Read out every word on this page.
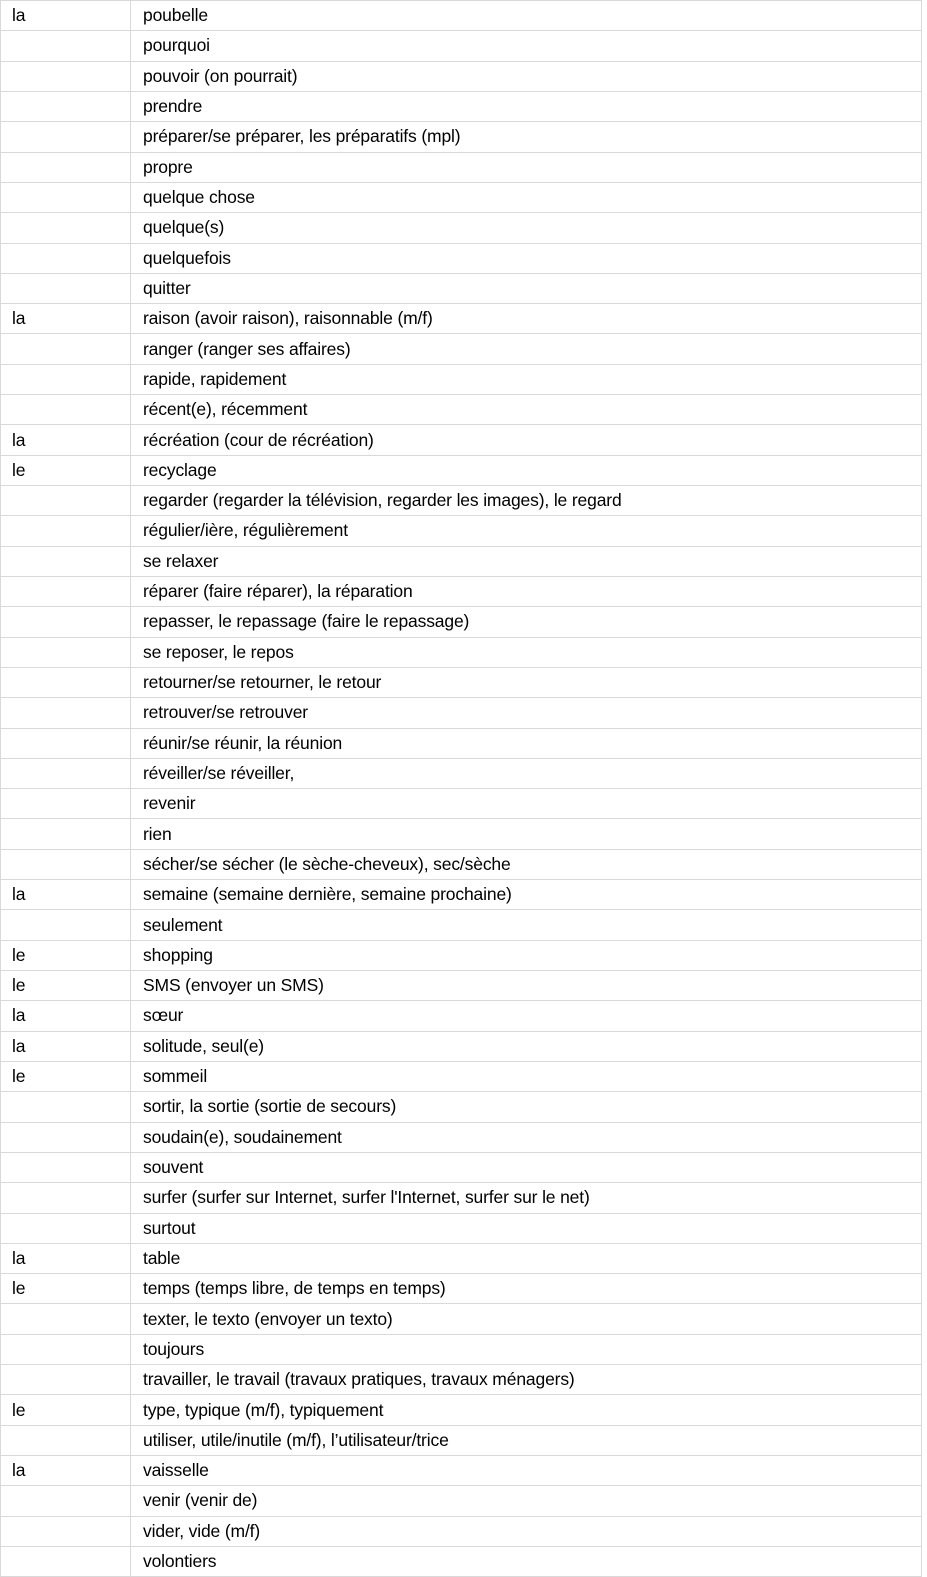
la	poubelle
	pourquoi
	pouvoir (on pourrait)
	prendre
	préparer/se préparer, les préparatifs (mpl)
	propre
	quelque chose
	quelque(s)
	quelquefois
	quitter
la	raison (avoir raison), raisonnable (m/f)
	ranger (ranger ses affaires)
	rapide, rapidement
	récent(e), récemment
la	récréation (cour de récréation)
le	recyclage
	regarder (regarder la télévision, regarder les images), le regard
	régulier/ière, régulièrement
	se relaxer
	réparer (faire réparer), la réparation
	repasser, le repassage (faire le repassage)
	se reposer, le repos
	retourner/se retourner, le retour
	retrouver/se retrouver
	réunir/se réunir, la réunion
	réveiller/se réveiller,
	revenir
	rien
	sécher/se sécher (le sèche-cheveux), sec/sèche
la	semaine (semaine dernière, semaine prochaine)
	seulement
le	shopping
le	SMS (envoyer un SMS)
la	sœur
la	solitude, seul(e)
le	sommeil
	sortir, la sortie (sortie de secours)
	soudain(e), soudainement
	souvent
	surfer (surfer sur Internet, surfer l'Internet, surfer sur le net)
	surtout
la	table
le	temps (temps libre, de temps en temps)
	texter, le texto (envoyer un texto)
	toujours
	travailler, le travail (travaux pratiques, travaux ménagers)
le	type, typique (m/f), typiquement
	utiliser, utile/inutile (m/f), l’utilisateur/trice
la	vaisselle
	venir (venir de)
	vider, vide (m/f)
	volontiers
